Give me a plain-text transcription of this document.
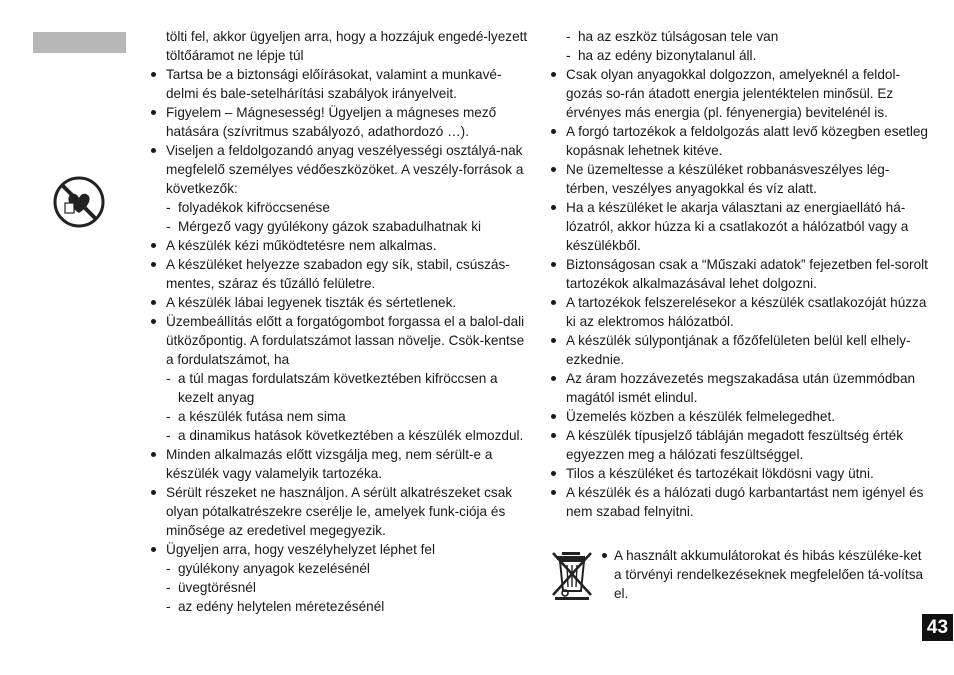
tölti fel, akkor ügyeljen arra, hogy a hozzájuk engedé-lyezett töltőáramot ne lépje túl
Tartsa be a biztonsági előírásokat, valamint a munkavé-delmi és bale-setelhárítási szabályok irányelveit.
Figyelem – Mágnesesség! Ügyeljen a mágneses mező hatására (szívritmus szabályozó, adathordozó …).
Viseljen a feldolgozandó anyag veszélyességi osztályá-nak megfelelő személyes védőeszközöket. A veszély-források a következők:
- folyadékok kifröccsenése
- Mérgező vagy gyúlékony gázok szabadulhatnak ki
A készülék kézi működtetésre nem alkalmas.
A készüléket helyezze szabadon egy sík, stabil, csúszás-mentes, száraz és tűzálló felületre.
A készülék lábai legyenek tiszták és sértetlenek.
Üzembeállítás előtt a forgatógombot forgassa el a balol-dali ütközőpontig. A fordulatszámot lassan növelje. Csök-kentse a fordulatszámot, ha
- a túl magas fordulatszám következtében kifröccsen a kezelt anyag
- a készülék futása nem sima
- a dinamikus hatások következtében a készülék elmozdul.
Minden alkalmazás előtt vizsgálja meg, nem sérült-e a készülék vagy valamelyik tartozéka.
Sérült részeket ne használjon. A sérült alkatrészeket csak olyan pótalkatrészekre cserélje le, amelyek funk-ciója és minősége az eredetivel megegyezik.
Ügyeljen arra, hogy veszélyhelyzet léphet fel
- gyúlékony anyagok kezelésénél
- üvegtörésnél
- az edény helytelen méretezésénél
- ha az eszköz túlságosan tele van
- ha az edény bizonytalanul áll.
Csak olyan anyagokkal dolgozzon, amelyeknél a feldol-gozás so-rán átadott energia jelentéktelen minősül. Ez érvényes más energia (pl. fényenergia) bevitelénél is.
A forgó tartozékok a feldolgozás alatt levő közegben esetleg kopásnak lehetnek kitéve.
Ne üzemeltesse a készüléket robbanásveszélyes lég-térben, veszélyes anyagokkal és víz alatt.
Ha a készüléket le akarja választani az energiaellátó há-lózatról, akkor húzza ki a csatlakozót a hálózatból vagy a készülékből.
Biztonságosan csak a “Műszaki adatok” fejezetben fel-sorolt tartozékok alkalmazásával lehet dolgozni.
A tartozékok felszerelésekor a készülék csatlakozóját húzza ki az elektromos hálózatból.
A készülék súlypontjának a főzőfelületen belül kell elhely-ezkednie.
Az áram hozzávezetés megszakadása után üzemmódban magától ismét elindul.
Üzemelés közben a készülék felmelegedhet.
A készülék típusjelző tábláján megadott feszültség érték egyezzen meg a hálózati feszültséggel.
Tilos a készüléket és tartozékait lökdösni vagy ütni.
A készülék és a hálózati dugó karbantartást nem igényel és nem szabad felnyitni.
A használt akkumulátorokat és hibás készüléke-ket a törvényi rendelkezéseknek megfelelően tá-volítsa el.
43
